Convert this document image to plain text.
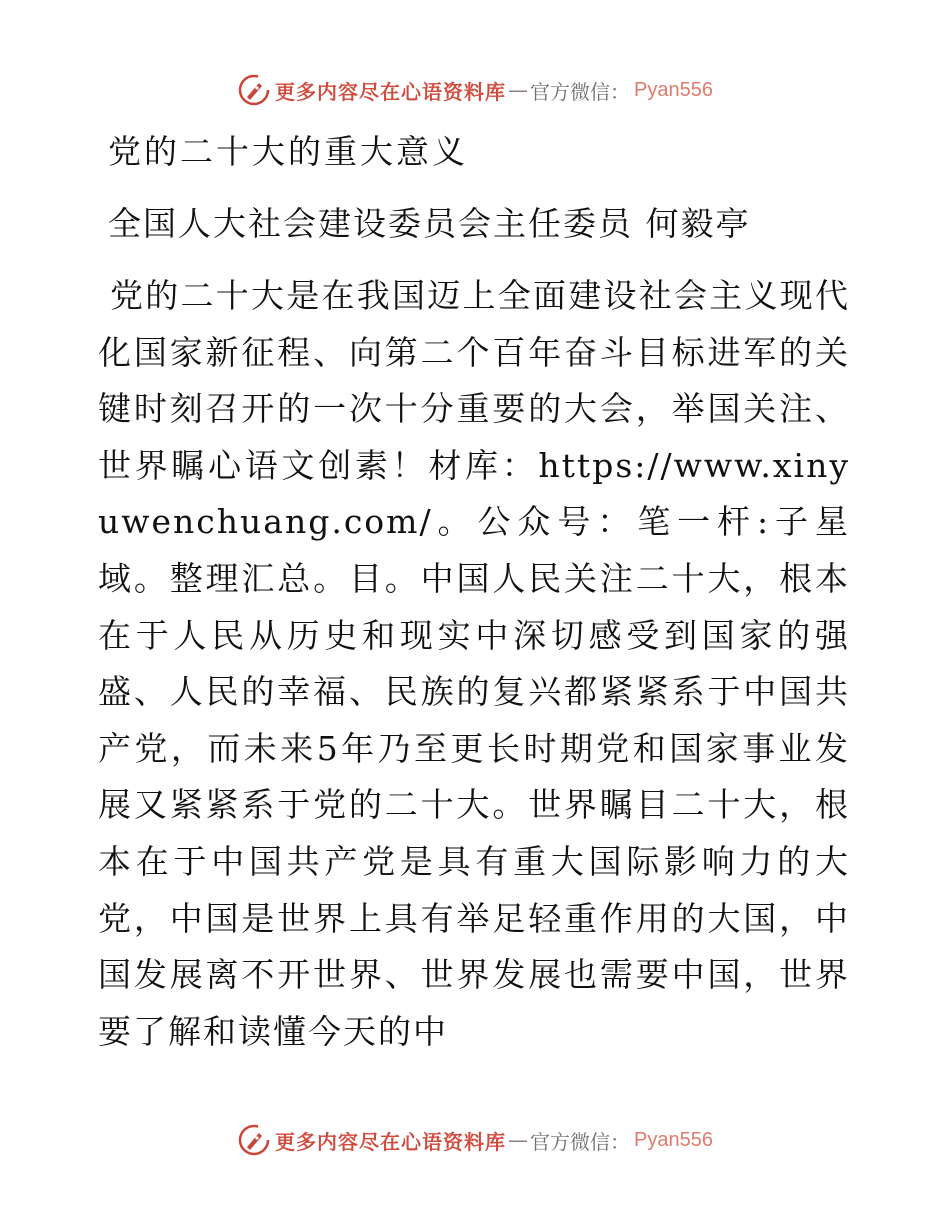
更多内容尽在心语资料库 — 官方微信： Pyan556
党的二十大的重大意义

全国人大社会建设委员会主任委员 何毅亭

党的二十大是在我国迈上全面建设社会主义现代化国家新征程、向第二个百年奋斗目标进军的关键时刻召开的一次十分重要的大会，举国关注、世界瞩心语文创素！材库：https://www.xinyuwenchuang.com/。公众号：笔一杆:子星域。整理汇总。目。中国人民关注二十大，根本在于人民从历史和现实中深切感受到国家的强盛、人民的幸福、民族的复兴都紧紧系于中国共产党，而未来5年乃至更长时期党和国家事业发展又紧紧系于党的二十大。世界瞩目二十大，根本在于中国共产党是具有重大国际影响力的大党，中国是世界上具有举足轻重作用的大国，中国发展离不开世界、世界发展也需要中国，世界要了解和读懂今天的中

更多内容尽在心语资料库 — 官方微信： Pyan556
